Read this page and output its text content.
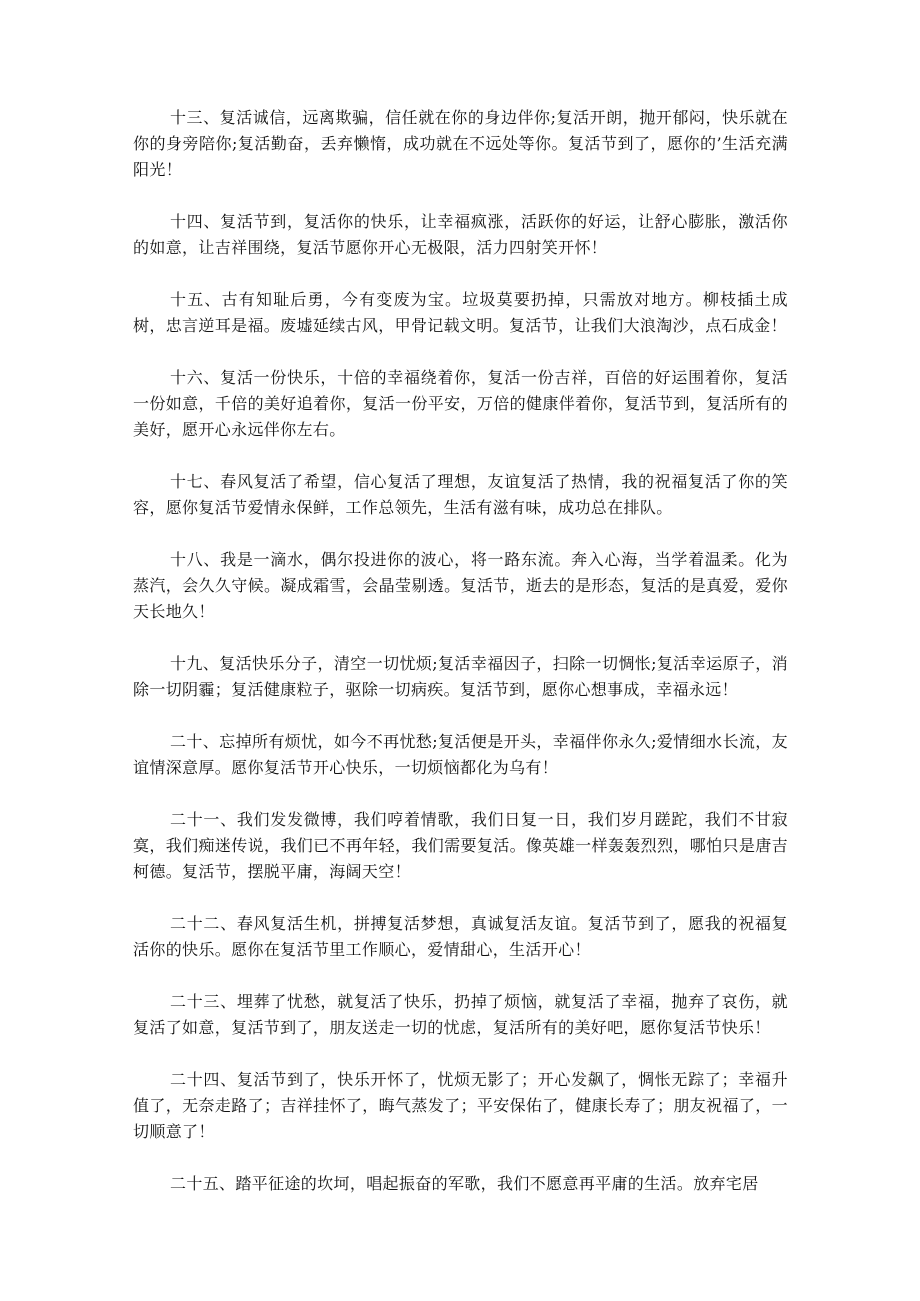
十三、复活诚信，远离欺骗，信任就在你的身边伴你;复活开朗，抛开郁闷，快乐就在你的身旁陪你;复活勤奋，丢弃懒惰，成功就在不远处等你。复活节到了，愿你的’生活充满阳光！

十四、复活节到，复活你的快乐，让幸福疯涨，活跃你的好运，让舒心膨胀，激活你的如意，让吉祥围绕，复活节愿你开心无极限，活力四射笑开怀！

十五、古有知耻后勇，今有变废为宝。垃圾莫要扔掉，只需放对地方。柳枝插土成树，忠言逆耳是福。废墟延续古风，甲骨记载文明。复活节，让我们大浪淘沙，点石成金！

十六、复活一份快乐，十倍的幸福绕着你，复活一份吉祥，百倍的好运围着你，复活一份如意，千倍的美好追着你，复活一份平安，万倍的健康伴着你，复活节到，复活所有的美好，愿开心永远伴你左右。

十七、春风复活了希望，信心复活了理想，友谊复活了热情，我的祝福复活了你的笑容，愿你复活节爱情永保鲜，工作总领先，生活有滋有味，成功总在排队。

十八、我是一滴水，偶尔投进你的波心，将一路东流。奔入心海，当学着温柔。化为蒸汽，会久久守候。凝成霜雪，会晶莹剔透。复活节，逝去的是形态，复活的是真爱，爱你天长地久！

十九、复活快乐分子，清空一切忧烦;复活幸福因子，扫除一切惆怅;复活幸运原子，消除一切阴霾；复活健康粒子，驱除一切病疾。复活节到，愿你心想事成，幸福永远！

二十、忘掉所有烦忧，如今不再忧愁;复活便是开头，幸福伴你永久;爱情细水长流，友谊情深意厚。愿你复活节开心快乐，一切烦恼都化为乌有！

二十一、我们发发微博，我们哼着情歌，我们日复一日，我们岁月蹉跎，我们不甘寂寞，我们痴迷传说，我们已不再年轻，我们需要复活。像英雄一样轰轰烈烈，哪怕只是唐吉柯德。复活节，摆脱平庸，海阔天空！

二十二、春风复活生机，拼搏复活梦想，真诚复活友谊。复活节到了，愿我的祝福复活你的快乐。愿你在复活节里工作顺心，爱情甜心，生活开心！

二十三、埋葬了忧愁，就复活了快乐，扔掉了烦恼，就复活了幸福，抛弃了哀伤，就复活了如意，复活节到了，朋友送走一切的忧虑，复活所有的美好吧，愿你复活节快乐！

二十四、复活节到了，快乐开怀了，忧烦无影了；开心发飙了，惆怅无踪了；幸福升值了，无奈走路了；吉祥挂怀了，晦气蒸发了；平安保佑了，健康长寿了；朋友祝福了，一切顺意了！

二十五、踏平征途的坎坷，唱起振奋的军歌，我们不愿意再平庸的生活。放弃宅居
